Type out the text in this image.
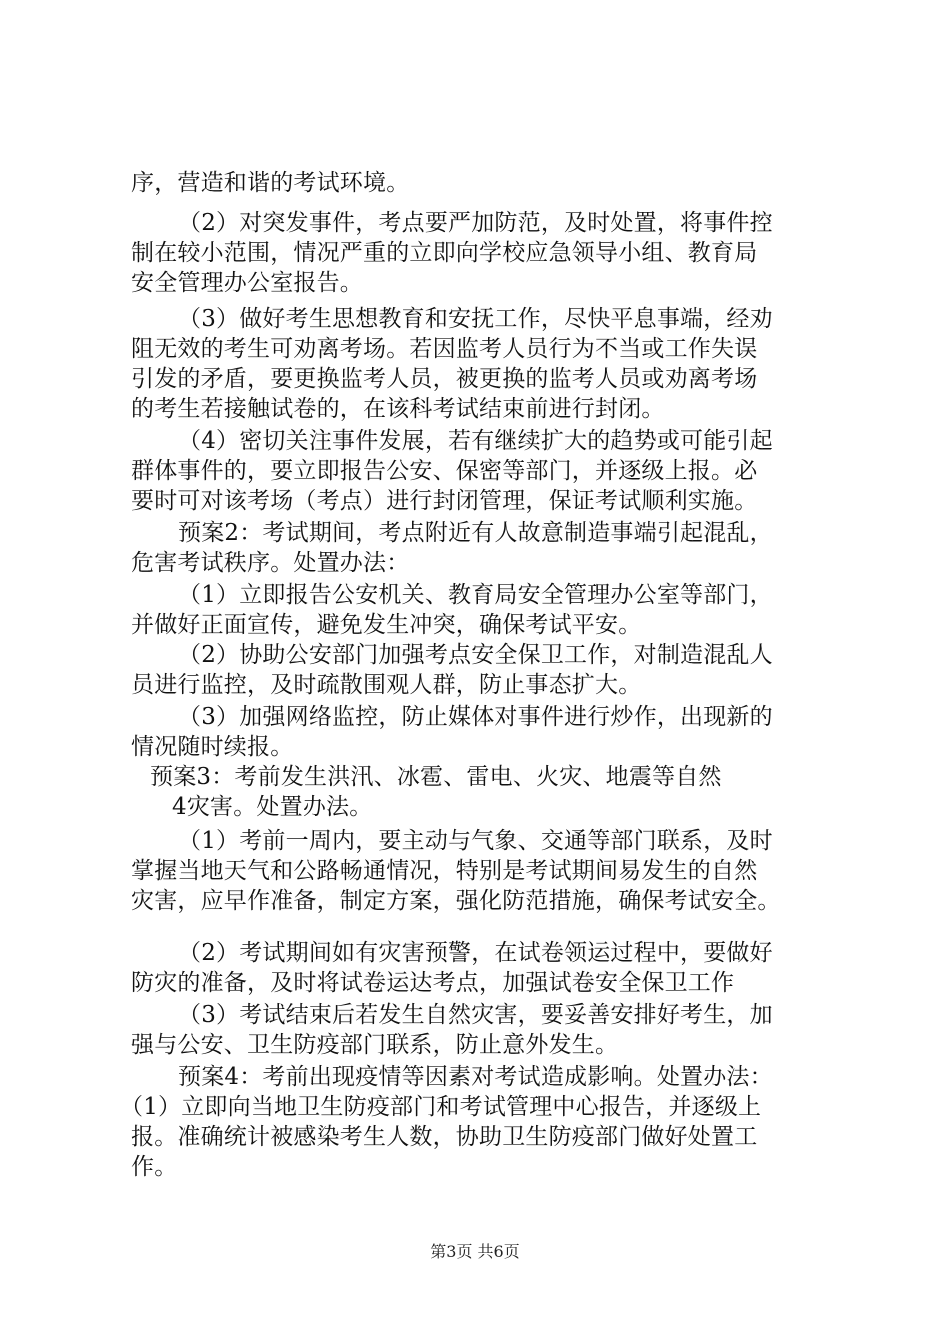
序，营造和谐的考试环境。
（2）对突发事件，考点要严加防范，及时处置，将事件控
制在较小范围，情况严重的立即向学校应急领导小组、教育局
安全管理办公室报告。
（3）做好考生思想教育和安抚工作，尽快平息事端，经劝
阻无效的考生可劝离考场。若因监考人员行为不当或工作失误
引发的矛盾，要更换监考人员，被更换的监考人员或劝离考场
的考生若接触试卷的，在该科考试结束前进行封闭。
（4）密切关注事件发展，若有继续扩大的趋势或可能引起
群体事件的，要立即报告公安、保密等部门，并逐级上报。必
要时可对该考场（考点）进行封闭管理，保证考试顺利实施。
预案2：考试期间，考点附近有人故意制造事端引起混乱，
危害考试秩序。处置办法：
（1）立即报告公安机关、教育局安全管理办公室等部门，
并做好正面宣传，避免发生冲突，确保考试平安。
（2）协助公安部门加强考点安全保卫工作，对制造混乱人
员进行监控，及时疏散围观人群，防止事态扩大。
（3）加强网络监控，防止媒体对事件进行炒作，出现新的
情况随时续报。
预案3：考前发生洪汛、冰雹、雷电、火灾、地震等自然
4灾害。处置办法。
（1）考前一周内，要主动与气象、交通等部门联系，及时
掌握当地天气和公路畅通情况，特别是考试期间易发生的自然
灾害，应早作准备，制定方案，强化防范措施，确保考试安全。
（2）考试期间如有灾害预警，在试卷领运过程中，要做好
防灾的准备，及时将试卷运达考点，加强试卷安全保卫工作
（3）考试结束后若发生自然灾害，要妥善安排好考生，加
强与公安、卫生防疫部门联系，防止意外发生。
预案4：考前出现疫情等因素对考试造成影响。处置办法：
（1）立即向当地卫生防疫部门和考试管理中心报告，并逐级上
报。准确统计被感染考生人数，协助卫生防疫部门做好处置工
作。
第3页 共6页
